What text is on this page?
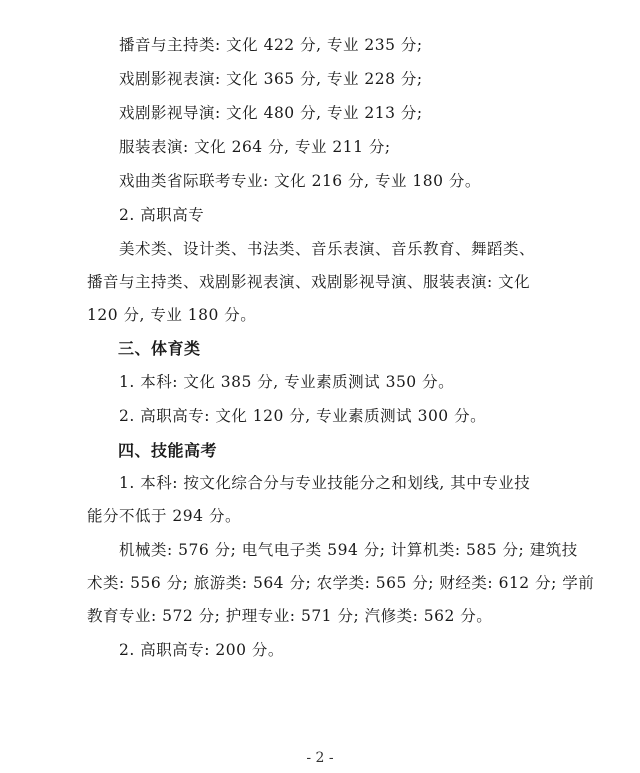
播音与主持类: 文化 422 分, 专业 235 分;
戏剧影视表演: 文化 365 分, 专业 228 分;
戏剧影视导演: 文化 480 分, 专业 213 分;
服装表演: 文化 264 分, 专业 211 分;
戏曲类省际联考专业: 文化 216 分, 专业 180 分。
2. 高职高专
美术类、设计类、书法类、音乐表演、音乐教育、舞蹈类、
播音与主持类、戏剧影视表演、戏剧影视导演、服装表演: 文化
120 分, 专业 180 分。
三、体育类
1. 本科: 文化 385 分, 专业素质测试 350 分。
2. 高职高专: 文化 120 分, 专业素质测试 300 分。
四、技能高考
1. 本科: 按文化综合分与专业技能分之和划线, 其中专业技
能分不低于 294 分。
机械类: 576 分; 电气电子类 594 分; 计算机类: 585 分; 建筑技
术类: 556 分; 旅游类: 564 分; 农学类: 565 分; 财经类: 612 分; 学前
教育专业: 572 分; 护理专业: 571 分; 汽修类: 562 分。
2. 高职高专: 200 分。
- 2 -
